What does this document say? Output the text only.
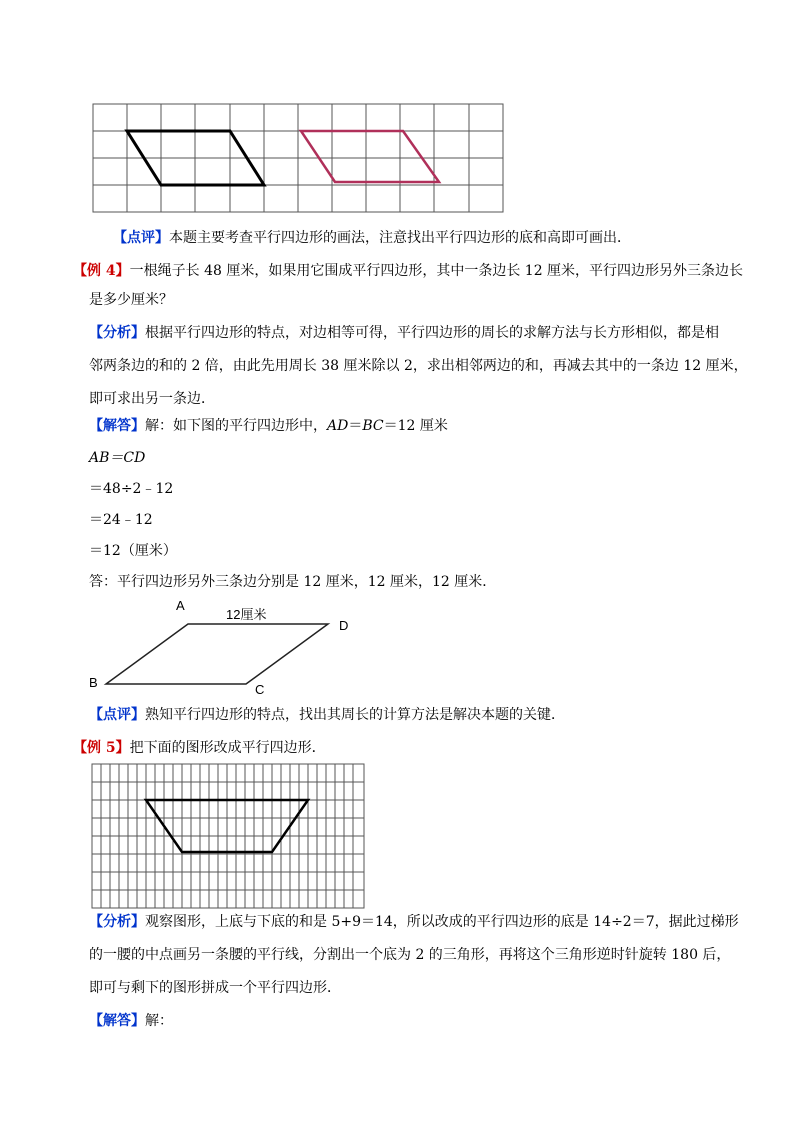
【点评】本题主要考查平行四边形的画法，注意找出平行四边形的底和高即可画出．
【例 4】一根绳子长 48 厘米，如果用它围成平行四边形，其中一条边长 12 厘米，平行四边形另外三条边长
是多少厘米？
【分析】根据平行四边形的特点，对边相等可得，平行四边形的周长的求解方法与长方形相似，都是相
邻两条边的和的 2 倍，由此先用周长 38 厘米除以 2，求出相邻两边的和，再减去其中的一条边 12 厘米，
即可求出另一条边．
【解答】解：如下图的平行四边形中，AD＝BC＝12 厘米
AB＝CD
＝48÷2﹣12
＝24﹣12
＝12（厘米）
答：平行四边形另外三条边分别是 12 厘米，12 厘米，12 厘米．
A
12厘米
D
B	C
【点评】熟知平行四边形的特点，找出其周长的计算方法是解决本题的关键．
【例 5】把下面的图形改成平行四边形．
【分析】观察图形，上底与下底的和是 5+9＝14，所以改成的平行四边形的底是 14÷2＝7，据此过梯形
的一腰的中点画另一条腰的平行线，分割出一个底为 2 的三角形，再将这个三角形逆时针旋转 180 后，
即可与剩下的图形拼成一个平行四边形．
【解答】解：
